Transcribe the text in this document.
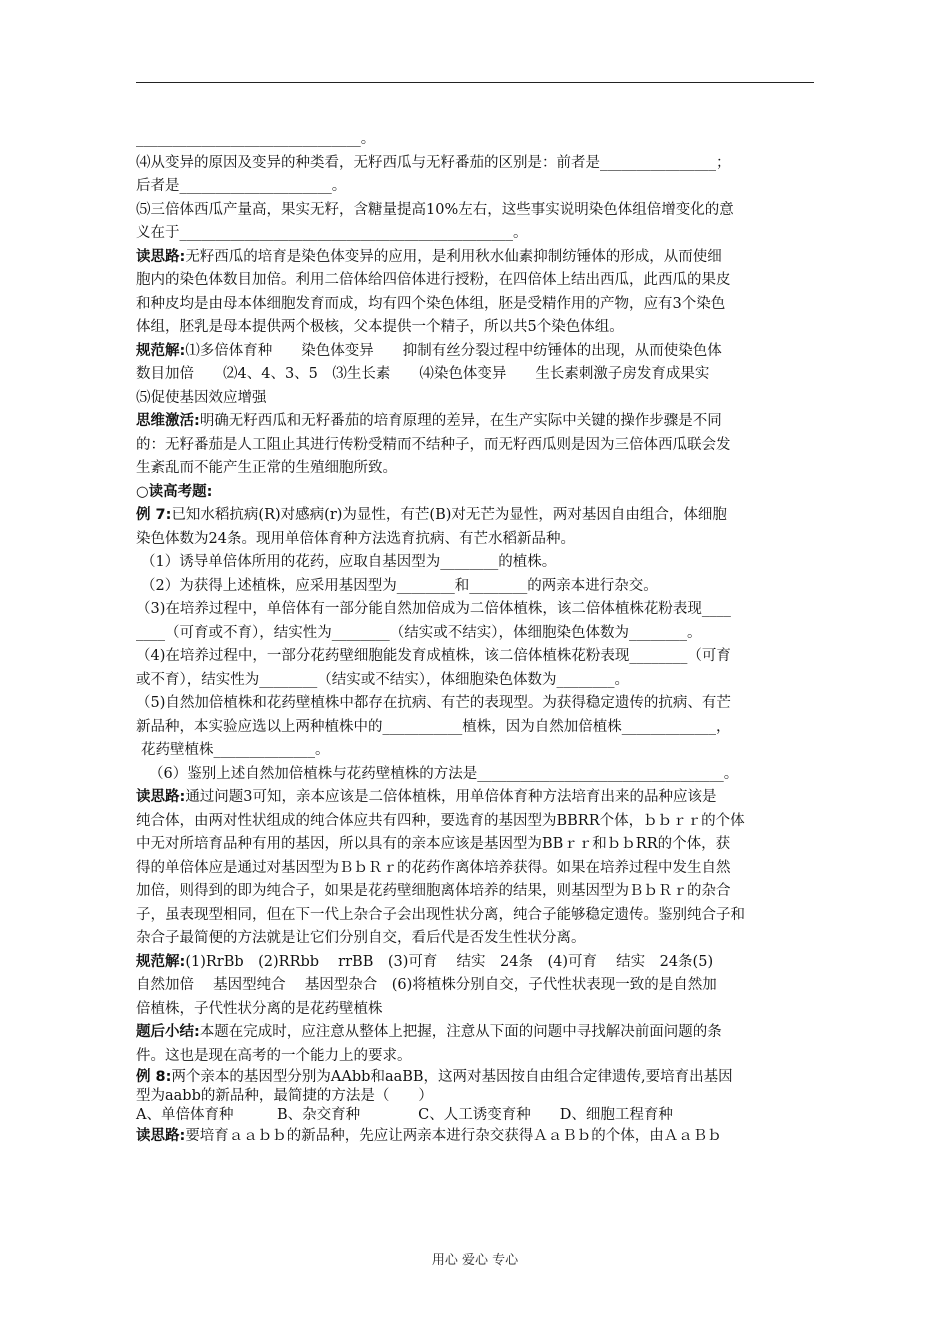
_______________________________。

⑷从变异的原因及变异的种类看，无籽西瓜与无籽番茄的区别是：前者是________________；

后者是_____________________。

⑸三倍体西瓜产量高，果实无籽，含糖量提高10%左右，这些事实说明染色体组倍增变化的意

义在于______________________________________________。

读思路:无籽西瓜的培育是染色体变异的应用，是利用秋水仙素抑制纺锤体的形成，从而使细

胞内的染色体数目加倍。利用二倍体给四倍体进行授粉，在四倍体上结出西瓜，此西瓜的果皮

和种皮均是由母本体细胞发育而成，均有四个染色体组，胚是受精作用的产物，应有3个染色

体组，胚乳是母本提供两个极核，父本提供一个精子，所以共5个染色体组。

规范解:⑴多倍体育种　　染色体变异　　抑制有丝分裂过程中纺锤体的出现，从而使染色体

数目加倍　　⑵4、4、3、5　⑶生长素　　⑷染色体变异　　生长素刺激子房发育成果实

⑸促使基因效应增强

思维激活:明确无籽西瓜和无籽番茄的培育原理的差异，在生产实际中关键的操作步骤是不同

的：无籽番茄是人工阻止其进行传粉受精而不结种子，而无籽西瓜则是因为三倍体西瓜联会发

生紊乱而不能产生正常的生殖细胞所致。

○读高考题:

例 7:已知水稻抗病(R)对感病(r)为显性，有芒(B)对无芒为显性，两对基因自由组合，体细胞

染色体数为24条。现用单倍体育种方法选育抗病、有芒水稻新品种。

（1）诱导单倍体所用的花药，应取自基因型为________的植株。

（2）为获得上述植株，应采用基因型为________和________的两亲本进行杂交。

（3)在培养过程中，单倍体有一部分能自然加倍成为二倍体植株，该二倍体植株花粉表现____

____（可育或不育），结实性为________（结实或不结实），体细胞染色体数为________。

（4)在培养过程中，一部分花药壁细胞能发育成植株，该二倍体植株花粉表现________（可育

或不育），结实性为________（结实或不结实），体细胞染色体数为________。

（5)自然加倍植株和花药壁植株中都存在抗病、有芒的表现型。为获得稳定遗传的抗病、有芒

新品种，本实验应选以上两种植株中的___________植株，因为自然加倍植株_____________，

花药壁植株______________。

（6）鉴别上述自然加倍植株与花药壁植株的方法是__________________________________。

读思路:通过问题3可知，亲本应该是二倍体植株，用单倍体育种方法培育出来的品种应该是

纯合体，由两对性状组成的纯合体应共有四种，要选育的基因型为BBRR个体，ｂｂｒｒ的个体

中无对所培育品种有用的基因，所以具有的亲本应该是基因型为BBｒｒ和ｂｂRR的个体，获

得的单倍体应是通过对基因型为ＢｂＲｒ的花药作离体培养获得。如果在培养过程中发生自然

加倍，则得到的即为纯合子，如果是花药壁细胞离体培养的结果，则基因型为ＢｂＲｒ的杂合

子，虽表现型相同，但在下一代上杂合子会出现性状分离，纯合子能够稳定遗传。鉴别纯合子和

杂合子最简便的方法就是让它们分别自交，看后代是否发生性状分离。

规范解:(1)RrBb　(2)RRbb　 rrBB　(3)可育　 结实　24条　(4)可育　 结实　24条(5)

自然加倍　 基因型纯合　 基因型杂合　(6)将植株分别自交，子代性状表现一致的是自然加

倍植株，子代性状分离的是花药壁植株

题后小结:本题在完成时，应注意从整体上把握，注意从下面的问题中寻找解决前面问题的条

件。这也是现在高考的一个能力上的要求。

例 8:两个亲本的基因型分别为AAbb和aaBB，这两对基因按自由组合定律遗传,要培育出基因

型为aabb的新品种，最简捷的方法是（　　）

A、单倍体育种　　　B、杂交育种　　　　C、人工诱变育种　　D、细胞工程育种

读思路:要培育ａａｂｂ的新品种，先应让两亲本进行杂交获得ＡａＢｂ的个体，由ＡａＢｂ

用心 爱心 专心
